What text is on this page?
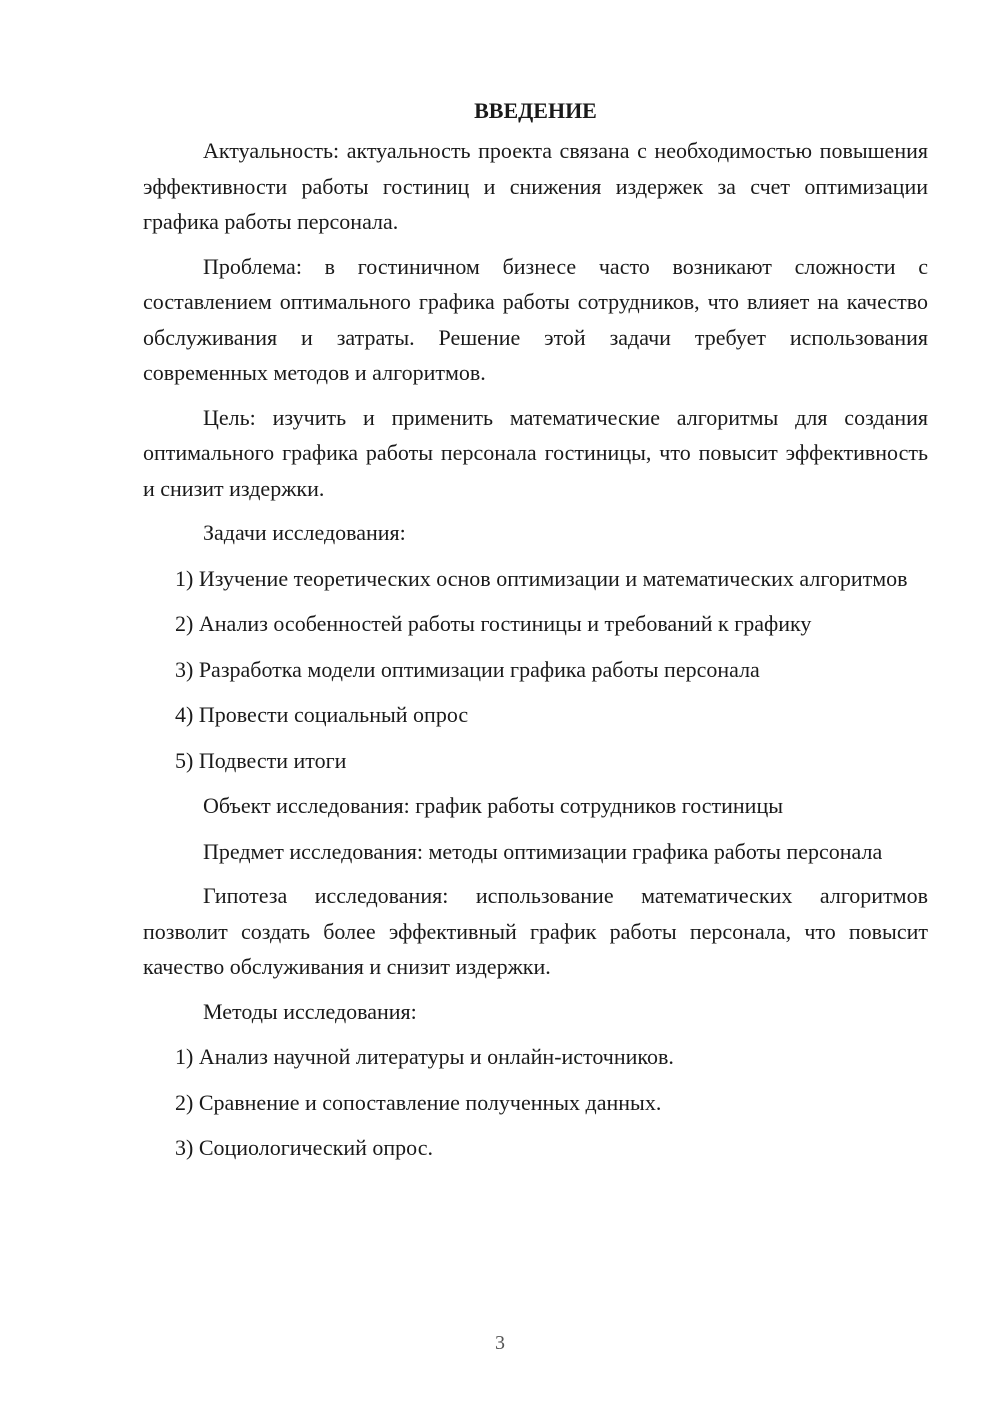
ВВЕДЕНИЕ

Актуальность: актуальность проекта связана с необходимостью повышения эффективности работы гостиниц и снижения издержек за счет оптимизации графика работы персонала.

Проблема: в гостиничном бизнесе часто возникают сложности с составлением оптимального графика работы сотрудников, что влияет на качество обслуживания и затраты. Решение этой задачи требует использования современных методов и алгоритмов.

Цель: изучить и применить математические алгоритмы для создания оптимального графика работы персонала гостиницы, что повысит эффективность и снизит издержки.

Задачи исследования:

1) Изучение теоретических основ оптимизации и математических алгоритмов

2) Анализ особенностей работы гостиницы и требований к графику

3) Разработка модели оптимизации графика работы персонала

4) Провести социальный опрос

5) Подвести итоги

Объект исследования: график работы сотрудников гостиницы

Предмет исследования: методы оптимизации графика работы персонала

Гипотеза исследования: использование математических алгоритмов позволит создать более эффективный график работы персонала, что повысит качество обслуживания и снизит издержки.

Методы исследования:

1) Анализ научной литературы и онлайн-источников.

2) Сравнение и сопоставление полученных данных.

3) Социологический опрос.

3
